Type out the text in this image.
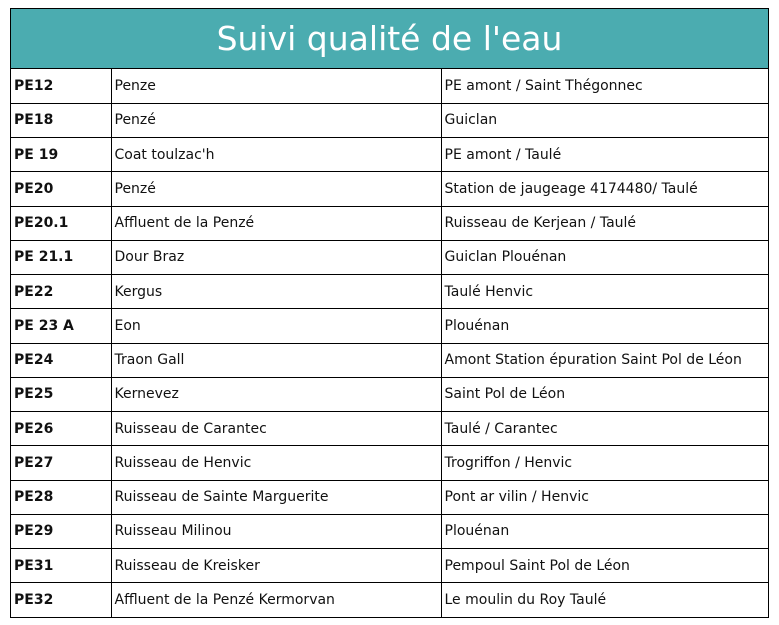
Suivi qualité de l'eau
PE12	Penze	PE amont / Saint Thégonnec
PE18	Penzé	Guiclan
PE 19	Coat toulzac'h	PE amont / Taulé
PE20	Penzé	Station de jaugeage 4174480/ Taulé
PE20.1	Affluent de la Penzé	Ruisseau de Kerjean / Taulé
PE 21.1	Dour Braz	Guiclan Plouénan
PE22	Kergus	Taulé Henvic
PE 23 A	Eon	Plouénan
PE24	Traon Gall	Amont Station épuration Saint Pol de Léon
PE25	Kernevez	Saint Pol de Léon
PE26	Ruisseau de Carantec	Taulé / Carantec
PE27	Ruisseau de Henvic	Trogriffon / Henvic
PE28	Ruisseau de Sainte Marguerite	Pont ar vilin / Henvic
PE29	Ruisseau Milinou	Plouénan
PE31	Ruisseau de Kreisker	Pempoul Saint Pol de Léon
PE32	Affluent de la Penzé Kermorvan	Le moulin du Roy Taulé
